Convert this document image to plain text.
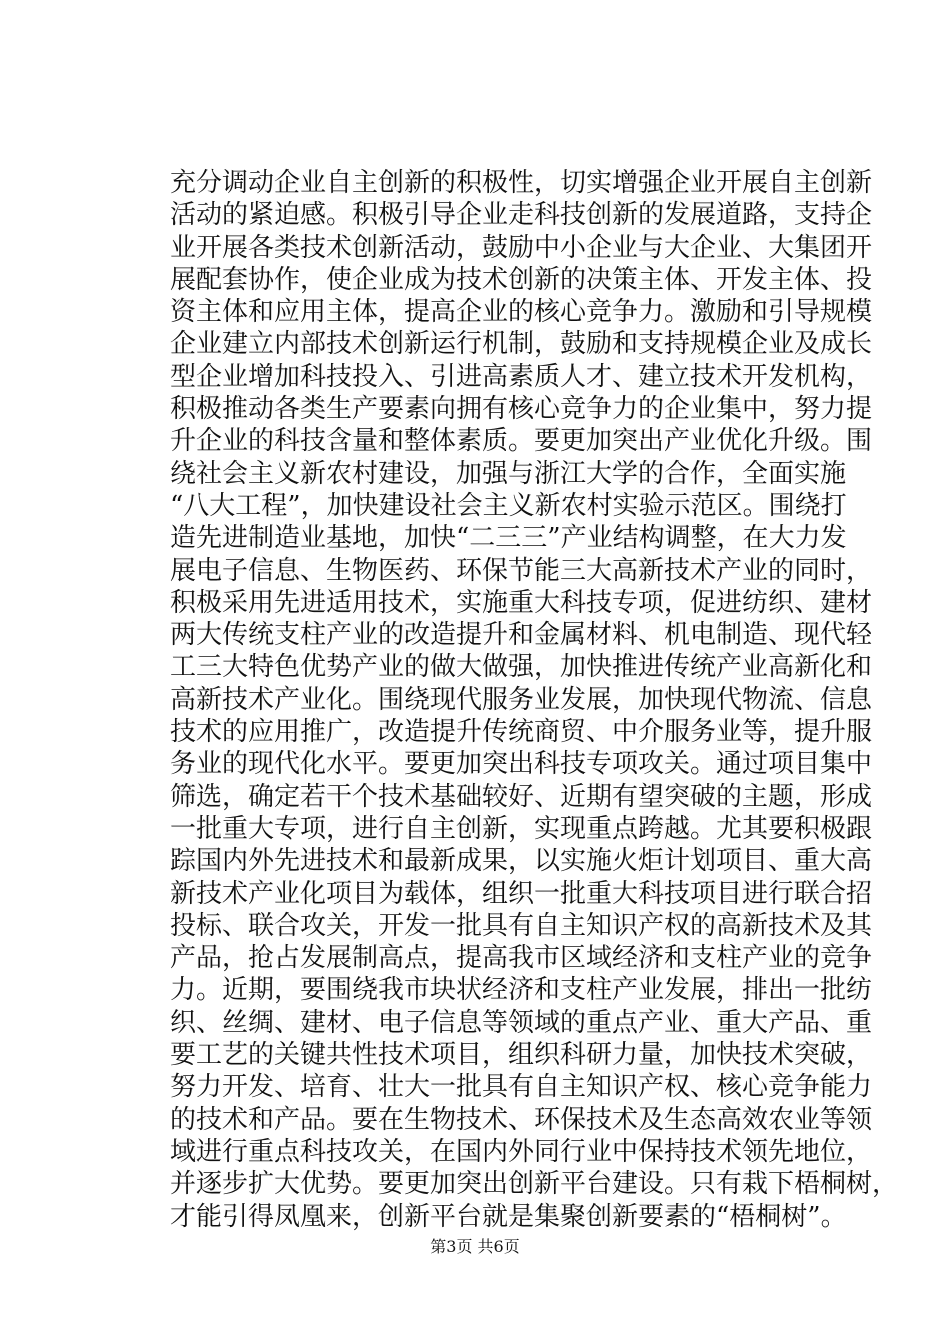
充分调动企业自主创新的积极性，切实增强企业开展自主创新
活动的紧迫感。积极引导企业走科技创新的发展道路，支持企
业开展各类技术创新活动，鼓励中小企业与大企业、大集团开
展配套协作，使企业成为技术创新的决策主体、开发主体、投
资主体和应用主体，提高企业的核心竞争力。激励和引导规模
企业建立内部技术创新运行机制，鼓励和支持规模企业及成长
型企业增加科技投入、引进高素质人才、建立技术开发机构，
积极推动各类生产要素向拥有核心竞争力的企业集中，努力提
升企业的科技含量和整体素质。要更加突出产业优化升级。围
绕社会主义新农村建设，加强与浙江大学的合作，全面实施
“八大工程”，加快建设社会主义新农村实验示范区。围绕打
造先进制造业基地，加快“二三三”产业结构调整，在大力发
展电子信息、生物医药、环保节能三大高新技术产业的同时，
积极采用先进适用技术，实施重大科技专项，促进纺织、建材
两大传统支柱产业的改造提升和金属材料、机电制造、现代轻
工三大特色优势产业的做大做强，加快推进传统产业高新化和
高新技术产业化。围绕现代服务业发展，加快现代物流、信息
技术的应用推广，改造提升传统商贸、中介服务业等，提升服
务业的现代化水平。要更加突出科技专项攻关。通过项目集中
筛选，确定若干个技术基础较好、近期有望突破的主题，形成
一批重大专项，进行自主创新，实现重点跨越。尤其要积极跟
踪国内外先进技术和最新成果，以实施火炬计划项目、重大高
新技术产业化项目为载体，组织一批重大科技项目进行联合招
投标、联合攻关，开发一批具有自主知识产权的高新技术及其
产品，抢占发展制高点，提高我市区域经济和支柱产业的竞争
力。近期，要围绕我市块状经济和支柱产业发展，排出一批纺
织、丝绸、建材、电子信息等领域的重点产业、重大产品、重
要工艺的关键共性技术项目，组织科研力量，加快技术突破，
努力开发、培育、壮大一批具有自主知识产权、核心竞争能力
的技术和产品。要在生物技术、环保技术及生态高效农业等领
域进行重点科技攻关，在国内外同行业中保持技术领先地位，
并逐步扩大优势。要更加突出创新平台建设。只有栽下梧桐树，
才能引得凤凰来，创新平台就是集聚创新要素的“梧桐树”。
第3页 共6页
